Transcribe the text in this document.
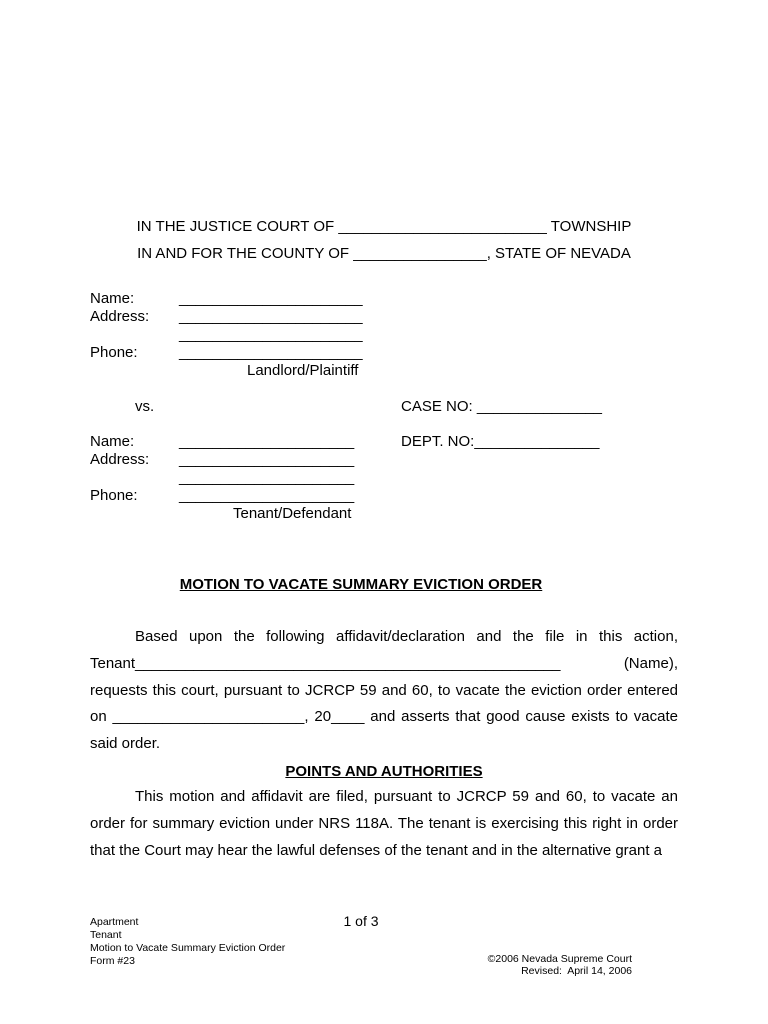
IN THE JUSTICE COURT OF _________________________ TOWNSHIP
IN AND FOR THE COUNTY OF ________________, STATE OF NEVADA
Name:	______________________
Address: ______________________
______________________
Phone:	______________________
Landlord/Plaintiff
vs.	CASE NO: _______________
DEPT. NO:_______________
Name:	_____________________
Address: _____________________
_____________________
Phone:	_____________________
Tenant/Defendant
MOTION TO VACATE SUMMARY EVICTION ORDER

Based upon the following affidavit/declaration and the file in this action, Tenant___________________________________________________ (Name), requests this court, pursuant to JCRCP 59 and 60, to vacate the eviction order entered on _______________________, 20____ and asserts that good cause exists to vacate said order.

POINTS AND AUTHORITIES

This motion and affidavit are filed, pursuant to JCRCP 59 and 60, to vacate an order for summary eviction under NRS 118A. The tenant is exercising this right in order that the Court may hear the lawful defenses of the tenant and in the alternative grant a

Apartment
Tenant
Motion to Vacate Summary Eviction Order
Form #23
1 of 3
©2006 Nevada Supreme Court
Revised:  April 14, 2006
